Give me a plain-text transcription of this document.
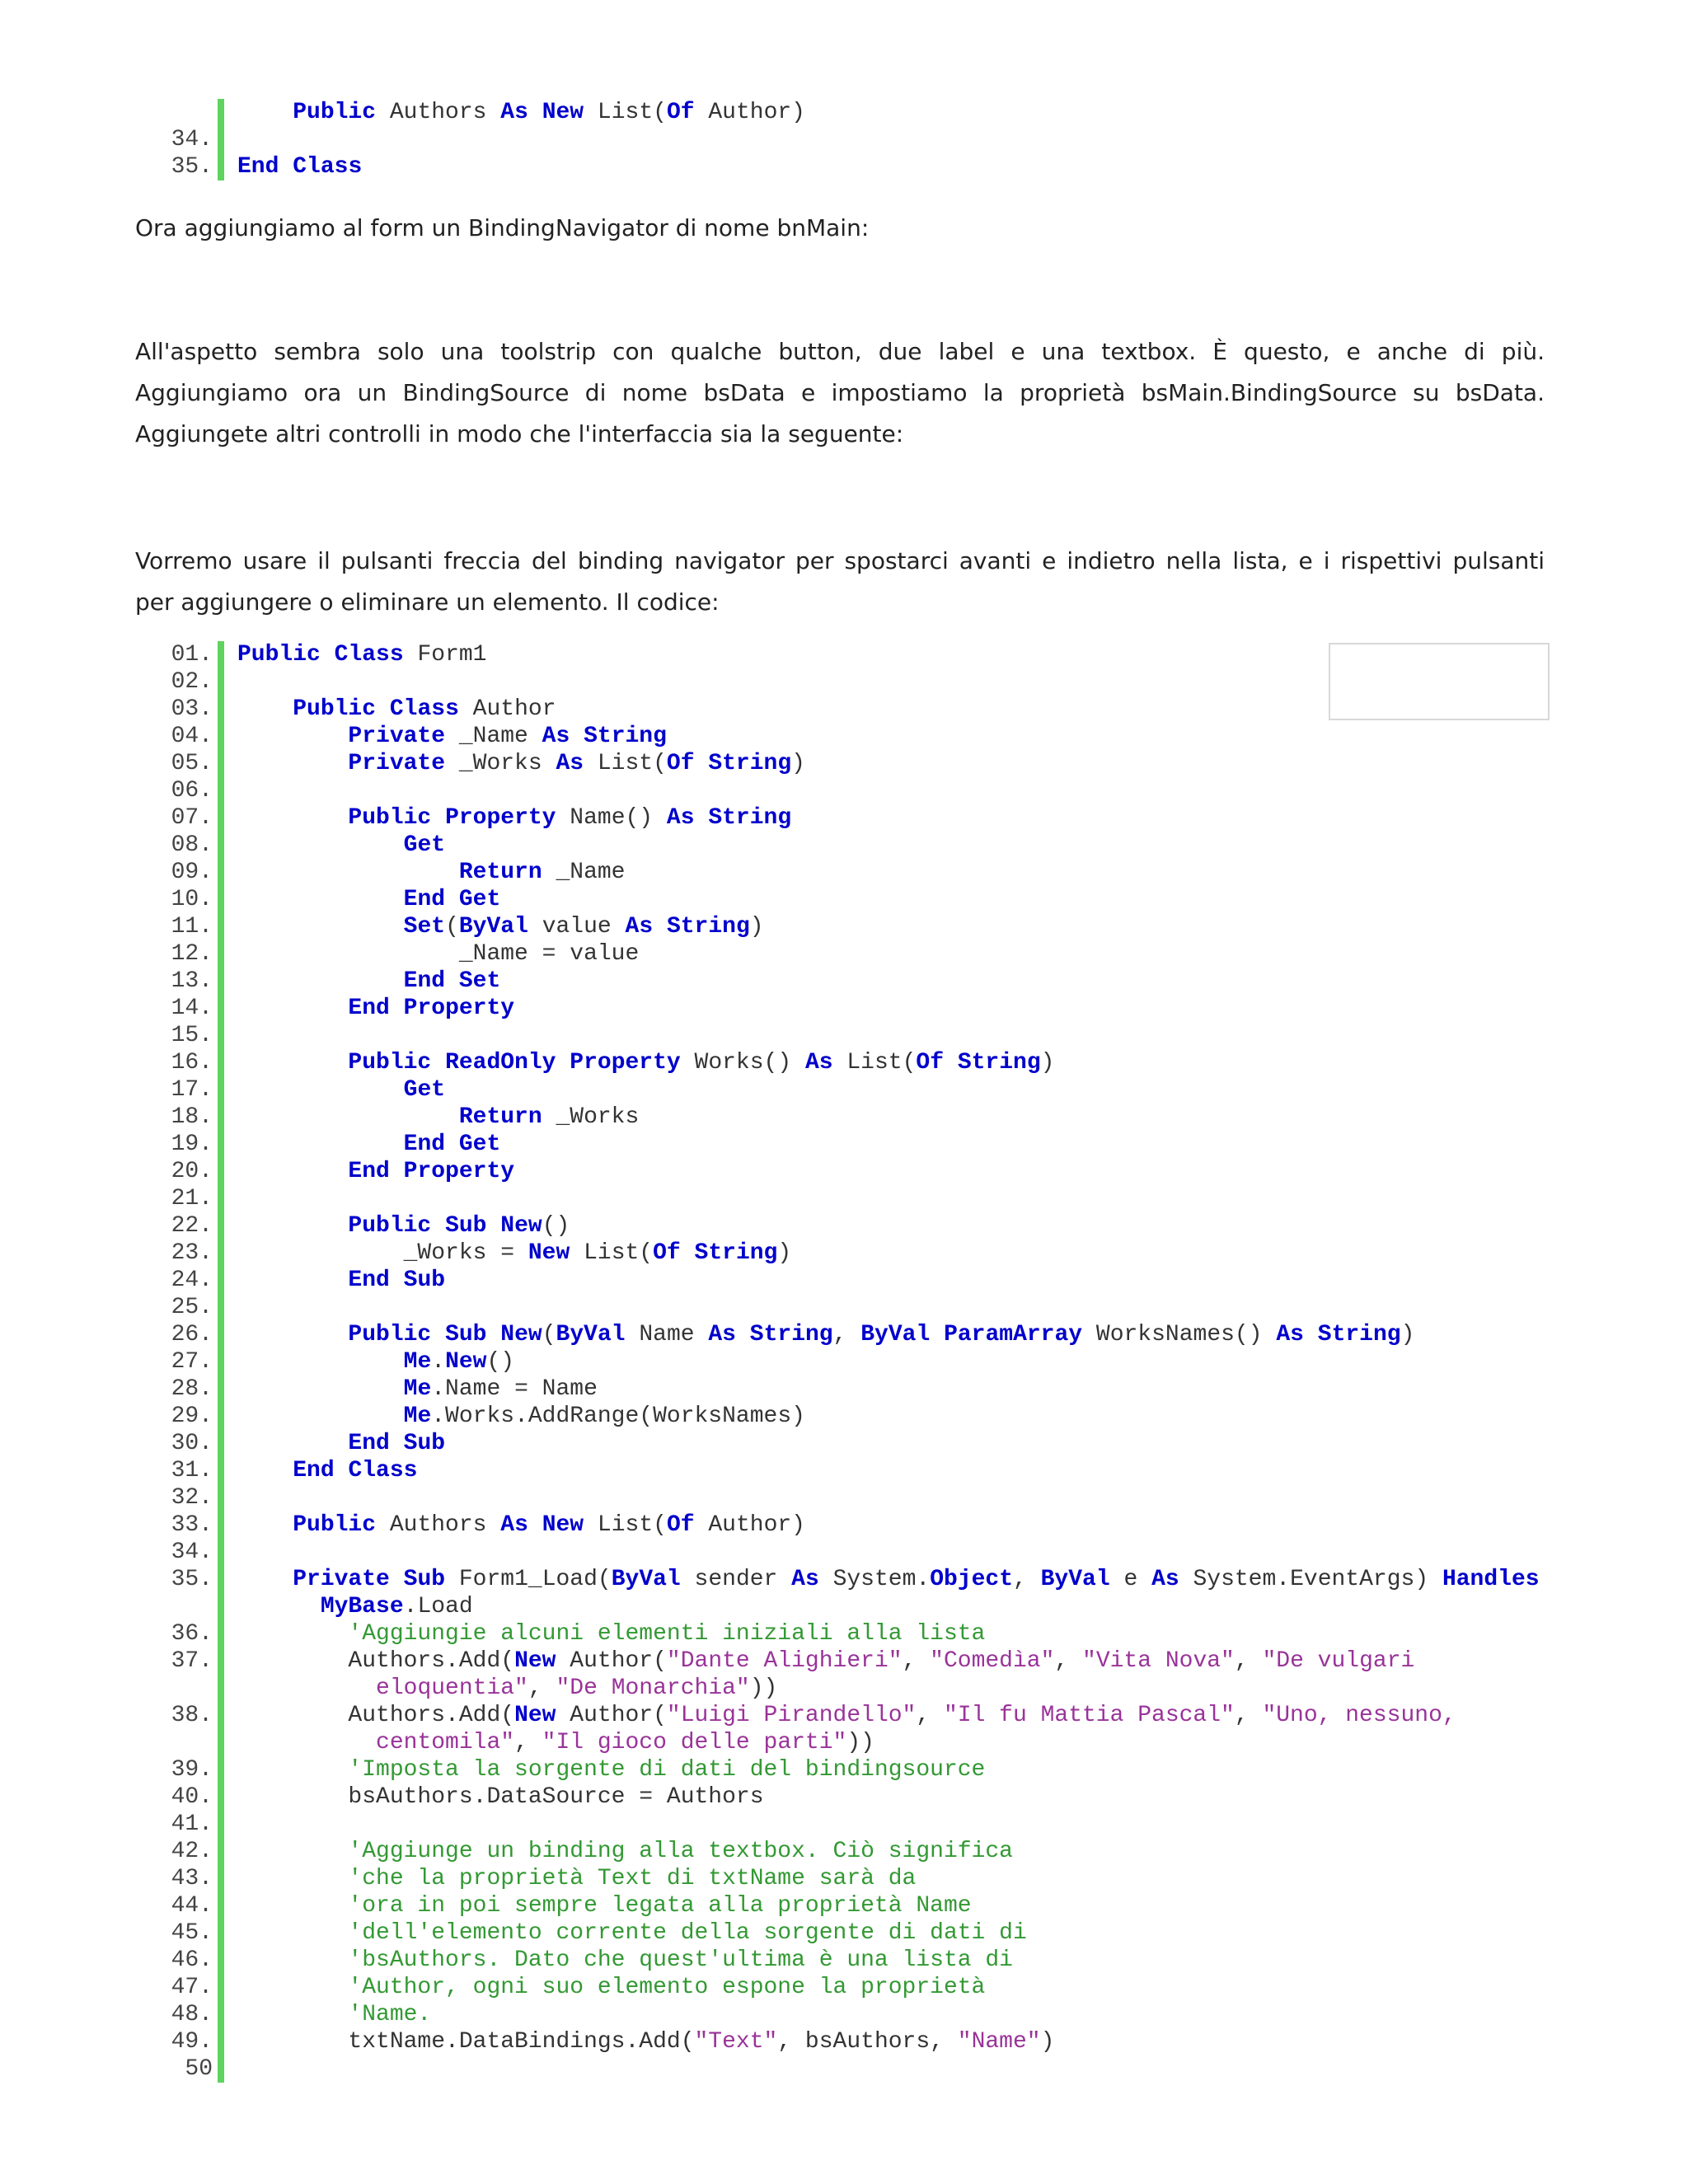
Public Authors As New List(Of Author)
34.
35. End Class

Ora aggiungiamo al form un BindingNavigator di nome bnMain:

All'aspetto sembra solo una toolstrip con qualche button, due label e una textbox. È questo, e anche di più.

Aggiungiamo ora un BindingSource di nome bsData e impostiamo la proprietà bsMain.BindingSource su bsData.

Aggiungete altri controlli in modo che l'interfaccia sia la seguente:

Vorremo usare il pulsanti freccia del binding navigator per spostarci avanti e indietro nella lista, e i rispettivi pulsanti

per aggiungere o eliminare un elemento. Il codice:

01. Public Class Form1
02.
03.	Public Class Author
04.	Private _Name As String
05.	Private _Works As List(Of String)
06.
07.	Public Property Name() As String
08.	Get
09.	Return _Name
10.	End Get
11.	Set(ByVal value As String)
12. _Name = value
13.	End Set
14.	End Property
15.
16.	Public ReadOnly Property Works() As List(Of String)
17.	Get
18.	Return _Works
19.	End Get
20.	End Property
21.
22.	Public Sub New()
23. _Works = New List(Of String)
24.	End Sub
25.
26.	Public Sub New(ByVal Name As String, ByVal ParamArray WorksNames() As String)
27.	Me.New()
28.	Me.Name = Name
29.	Me.Works.AddRange(WorksNames)
30.	End Sub
31.	End Class
32.
33.	Public Authors As New List(Of Author)
34.
35.	Private Sub Form1_Load(ByVal sender As System.Object, ByVal e As System.EventArgs) Handles
MyBase.Load
36.	'Aggiungie alcuni elementi iniziali alla lista
37. Authors.Add(New Author("Dante Alighieri", "Comedìa", "Vita Nova", "De vulgari
eloquentia", "De Monarchia"))
38. Authors.Add(New Author("Luigi Pirandello", "Il fu Mattia Pascal", "Uno, nessuno,
centomila", "Il gioco delle parti"))
39.	'Imposta la sorgente di dati del bindingsource
40. bsAuthors.DataSource = Authors
41.
42.	'Aggiunge un binding alla textbox. Ciò significa
43.	'che la proprietà Text di txtName sarà da
44.	'ora in poi sempre legata alla proprietà Name
45.	'dell'elemento corrente della sorgente di dati di
46.	'bsAuthors. Dato che quest'ultima è una lista di
47.	'Author, ogni suo elemento espone la proprietà
48.	'Name.
49. txtName.DataBindings.Add("Text", bsAuthors, "Name")
50
